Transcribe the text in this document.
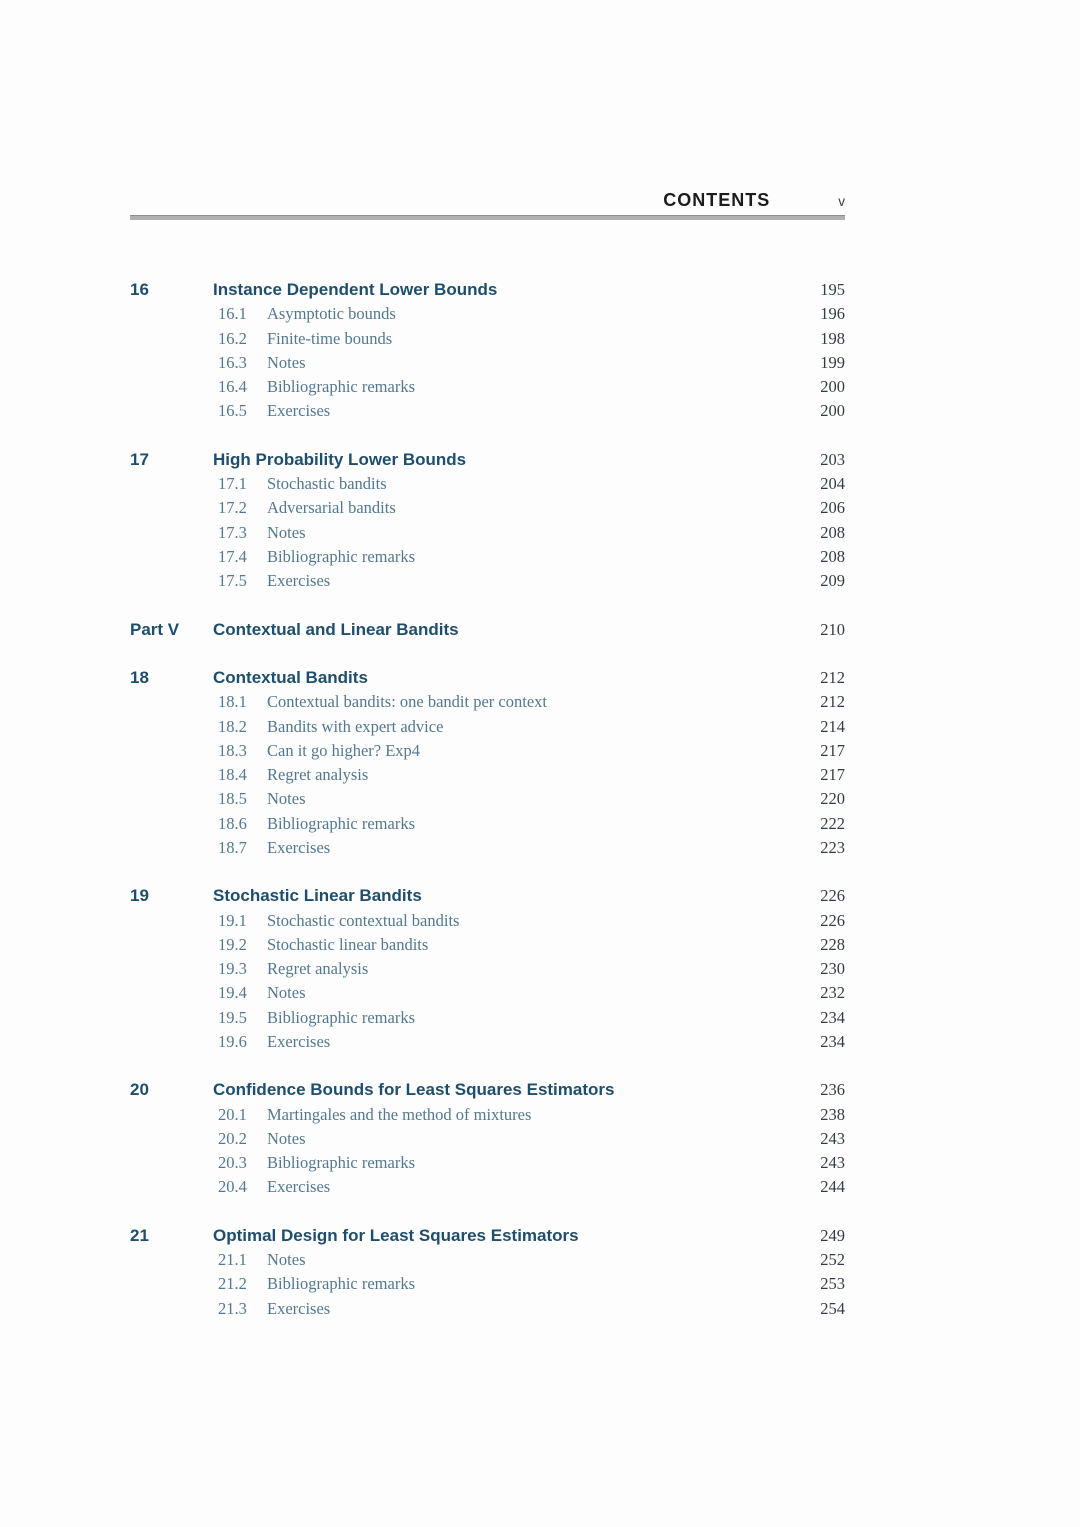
CONTENTS	v
16	Instance Dependent Lower Bounds	195
16.1	Asymptotic bounds	196
16.2	Finite-time bounds	198
16.3	Notes	199
16.4	Bibliographic remarks	200
16.5	Exercises	200
17	High Probability Lower Bounds	203
17.1	Stochastic bandits	204
17.2	Adversarial bandits	206
17.3	Notes	208
17.4	Bibliographic remarks	208
17.5	Exercises	209
Part V	Contextual and Linear Bandits	210
18	Contextual Bandits	212
18.1	Contextual bandits: one bandit per context	212
18.2	Bandits with expert advice	214
18.3	Can it go higher? Exp4	217
18.4	Regret analysis	217
18.5	Notes	220
18.6	Bibliographic remarks	222
18.7	Exercises	223
19	Stochastic Linear Bandits	226
19.1	Stochastic contextual bandits	226
19.2	Stochastic linear bandits	228
19.3	Regret analysis	230
19.4	Notes	232
19.5	Bibliographic remarks	234
19.6	Exercises	234
20	Confidence Bounds for Least Squares Estimators	236
20.1	Martingales and the method of mixtures	238
20.2	Notes	243
20.3	Bibliographic remarks	243
20.4	Exercises	244
21	Optimal Design for Least Squares Estimators	249
21.1	Notes	252
21.2	Bibliographic remarks	253
21.3	Exercises	254
